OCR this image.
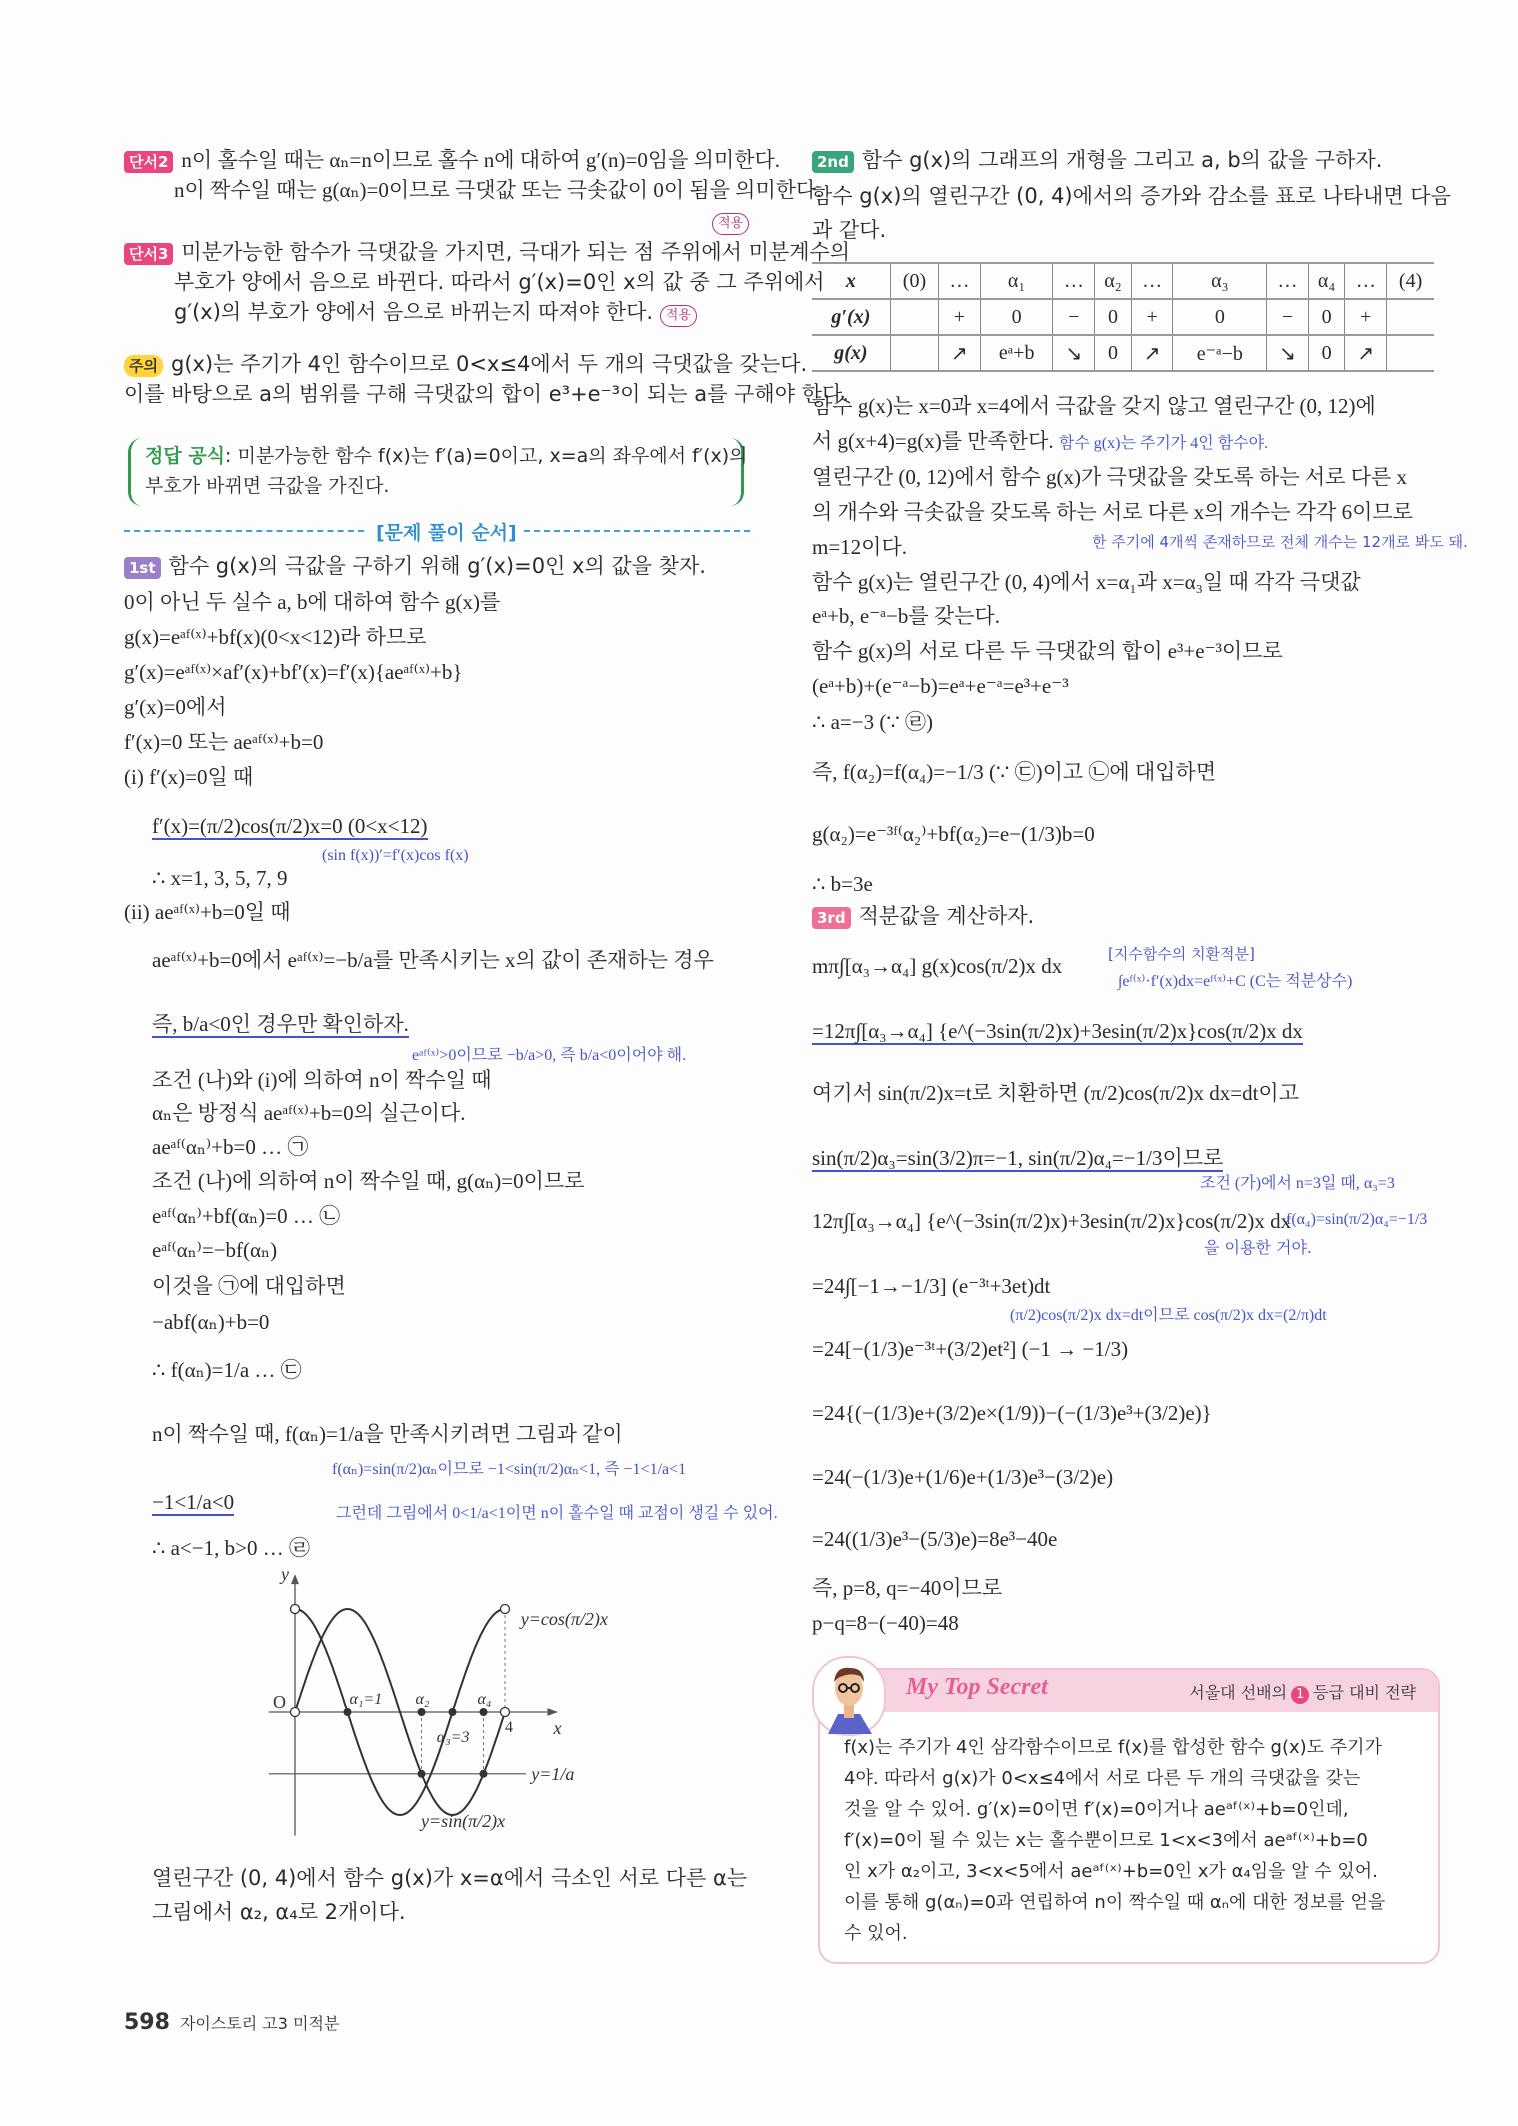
단서2 n이 홀수일 때는 αₙ=n이므로 홀수 n에 대하여 g′(n)=0임을 의미한다.
n이 짝수일 때는 g(αₙ)=0이므로 극댓값 또는 극솟값이 0이 됨을 의미한다.
적용
단서3 미분가능한 함수가 극댓값을 가지면, 극대가 되는 점 주위에서 미분계수의
부호가 양에서 음으로 바뀐다. 따라서 g′(x)=0인 x의 값 중 그 주위에서
g′(x)의 부호가 양에서 음으로 바뀌는지 따져야 한다. 적용
주의 g(x)는 주기가 4인 함수이므로 0<x≤4에서 두 개의 극댓값을 갖는다.
이를 바탕으로 a의 범위를 구해 극댓값의 합이 e³+e⁻³이 되는 a를 구해야 한다.
정답 공식: 미분가능한 함수 f(x)는 f′(a)=0이고, x=a의 좌우에서 f′(x)의
부호가 바뀌면 극값을 가진다.
[문제 풀이 순서]
1st 함수 g(x)의 극값을 구하기 위해 g′(x)=0인 x의 값을 찾자.
0이 아닌 두 실수 a, b에 대하여 함수 g(x)를
g(x)=eᵃᶠ⁽ˣ⁾+bf(x)(0<x<12)라 하므로
g′(x)=eᵃᶠ⁽ˣ⁾×af′(x)+bf′(x)=f′(x){aeᵃᶠ⁽ˣ⁾+b}
g′(x)=0에서
f′(x)=0 또는 aeᵃᶠ⁽ˣ⁾+b=0
(i) f′(x)=0일 때
f′(x)=(π/2)cos(π/2)x=0 (0<x<12)
(sin f(x))′=f′(x)cos f(x)
∴ x=1, 3, 5, 7, 9
(ii) aeᵃᶠ⁽ˣ⁾+b=0일 때
aeᵃᶠ⁽ˣ⁾+b=0에서 eᵃᶠ⁽ˣ⁾=−b/a를 만족시키는 x의 값이 존재하는 경우
즉, b/a<0인 경우만 확인하자.
eᵃᶠ⁽ˣ⁾>0이므로 −b/a>0, 즉 b/a<0이어야 해.
조건 (나)와 (i)에 의하여 n이 짝수일 때
αₙ은 방정식 aeᵃᶠ⁽ˣ⁾+b=0의 실근이다.
aeᵃᶠ⁽αₙ⁾+b=0 … ㉠
조건 (나)에 의하여 n이 짝수일 때, g(αₙ)=0이므로
eᵃᶠ⁽αₙ⁾+bf(αₙ)=0 … ㉡
eᵃᶠ⁽αₙ⁾=−bf(αₙ)
이것을 ㉠에 대입하면
−abf(αₙ)+b=0
∴ f(αₙ)=1/a … ㉢
n이 짝수일 때, f(αₙ)=1/a을 만족시키려면 그림과 같이
f(αₙ)=sin(π/2)αₙ이므로 −1<sin(π/2)αₙ<1, 즉 −1<1/a<1
−1<1/a<0	그런데 그림에서 0<1/a<1이면 n이 홀수일 때 교점이 생길 수 있어.
∴ a<−1, b>0 … ㉣
y
x
O	α₁=1 α₂
α₃=3
α₄
4
y=cos(π/2)x
y=sin(π/2)x
y=1/a
열린구간 (0, 4)에서 함수 g(x)가 x=α에서 극소인 서로 다른 α는
그림에서 α₂, α₄로 2개이다.
2nd 함수 g(x)의 그래프의 개형을 그리고 a, b의 값을 구하자.
함수 g(x)의 열린구간 (0, 4)에서의 증가와 감소를 표로 나타내면 다음
과 같다.
x	(0)	…	α₁	…	α₂	…	α₃	…	α₄	…	(4)
g′(x)		+	0	−	0	+	0	−	0	+	
g(x)		↗	eᵃ+b	↘	0	↗	e⁻ᵃ−b	↘	0	↗	
함수 g(x)는 x=0과 x=4에서 극값을 갖지 않고 열린구간 (0, 12)에
서 g(x+4)=g(x)를 만족한다. 함수 g(x)는 주기가 4인 함수야.
열린구간 (0, 12)에서 함수 g(x)가 극댓값을 갖도록 하는 서로 다른 x
의 개수와 극솟값을 갖도록 하는 서로 다른 x의 개수는 각각 6이므로
m=12이다.	한 주기에 4개씩 존재하므로 전체 개수는 12개로 봐도 돼.
함수 g(x)는 열린구간 (0, 4)에서 x=α₁과 x=α₃일 때 각각 극댓값
eᵃ+b, e⁻ᵃ−b를 갖는다.
함수 g(x)의 서로 다른 두 극댓값의 합이 e³+e⁻³이므로
(eᵃ+b)+(e⁻ᵃ−b)=eᵃ+e⁻ᵃ=e³+e⁻³
∴ a=−3 (∵ ㉣)
즉, f(α₂)=f(α₄)=−1/3 (∵ ㉢)이고 ㉡에 대입하면
g(α₂)=e⁻³ᶠ⁽α₂⁾+bf(α₂)=e−(1/3)b=0
∴ b=3e
3rd 적분값을 계산하자.
mπ∫[α₃→α₄] g(x)cos(π/2)x dx	[지수함수의 치환적분]
∫eᶠ⁽ˣ⁾·f′(x)dx=eᶠ⁽ˣ⁾+C (C는 적분상수)
=12π∫[α₃→α₄] {e^(−3sin(π/2)x)+3esin(π/2)x}cos(π/2)x dx
여기서 sin(π/2)x=t로 치환하면 (π/2)cos(π/2)x dx=dt이고
sin(π/2)α₃=sin(3/2)π=−1, sin(π/2)α₄=−1/3이므로
조건 (가)에서 n=3일 때, α₃=3
12π∫[α₃→α₄] {e^(−3sin(π/2)x)+3esin(π/2)x}cos(π/2)x dx
f(α₄)=sin(π/2)α₄=−1/3
을 이용한 거야.
=24∫[−1→−1/3] (e⁻³ᵗ+3et)dt
(π/2)cos(π/2)x dx=dt이므로 cos(π/2)x dx=(2/π)dt
=24[−(1/3)e⁻³ᵗ+(3/2)et²] (−1 → −1/3)
=24{(−(1/3)e+(3/2)e×(1/9))−(−(1/3)e³+(3/2)e)}
=24(−(1/3)e+(1/6)e+(1/3)e³−(3/2)e)
=24((1/3)e³−(5/3)e)=8e³−40e
즉, p=8, q=−40이므로
p−q=8−(−40)=48
My Top Secret	서울대 선배의 1 등급 대비 전략
f(x)는 주기가 4인 삼각함수이므로 f(x)를 합성한 함수 g(x)도 주기가
4야. 따라서 g(x)가 0<x≤4에서 서로 다른 두 개의 극댓값을 갖는
것을 알 수 있어. g′(x)=0이면 f′(x)=0이거나 aeᵃᶠ⁽ˣ⁾+b=0인데,
f′(x)=0이 될 수 있는 x는 홀수뿐이므로 1<x<3에서 aeᵃᶠ⁽ˣ⁾+b=0
인 x가 α₂이고, 3<x<5에서 aeᵃᶠ⁽ˣ⁾+b=0인 x가 α₄임을 알 수 있어.
이를 통해 g(αₙ)=0과 연립하여 n이 짝수일 때 αₙ에 대한 정보를 얻을
수 있어.
598 자이스토리 고3 미적분
